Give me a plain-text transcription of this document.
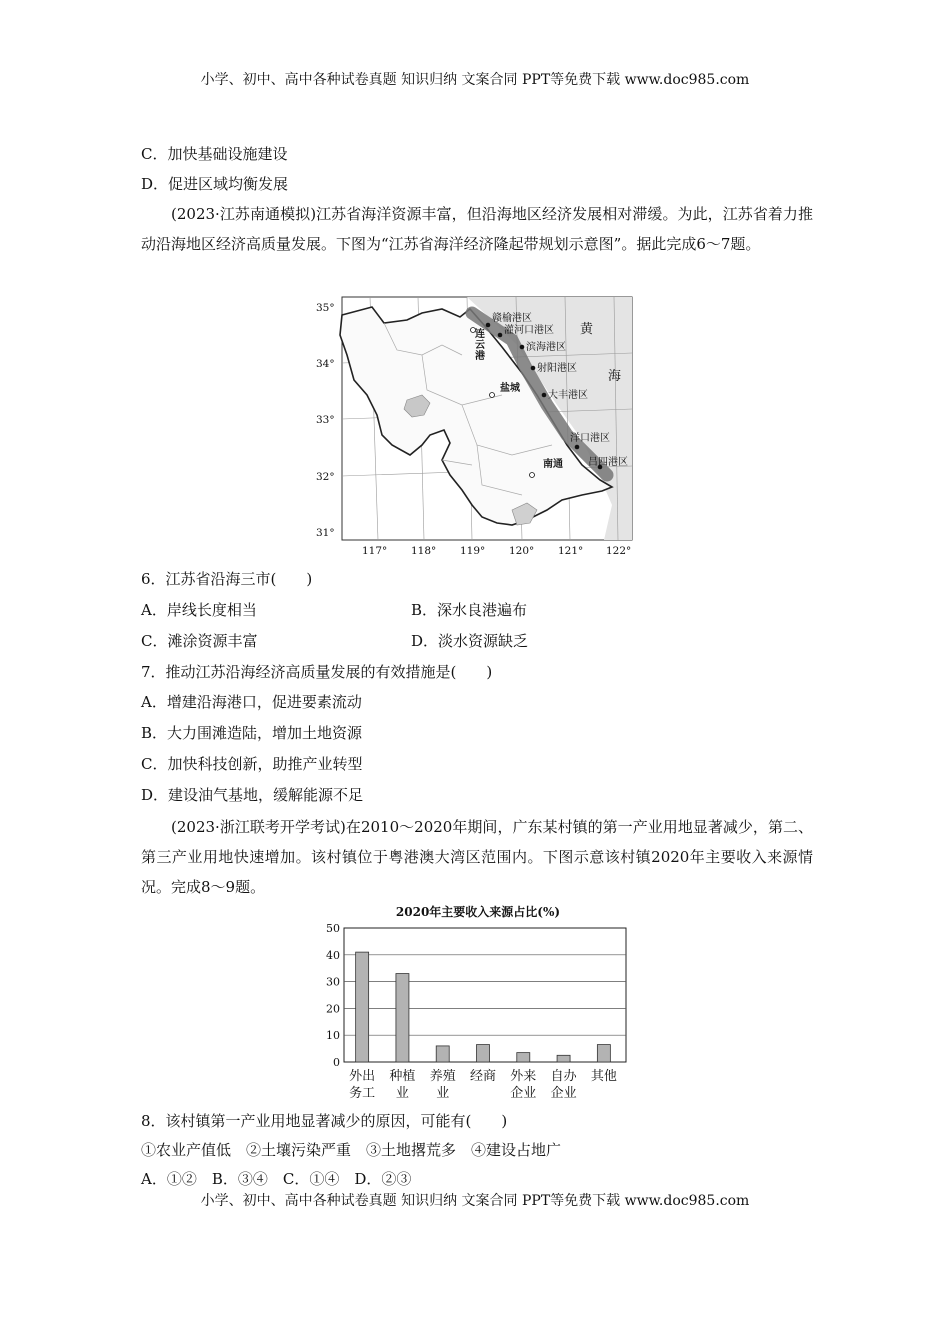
小学、初中、高中各种试卷真题 知识归纳 文案合同 PPT等免费下载 www.doc985.com
C．加快基础设施建设
D．促进区域均衡发展
(2023·江苏南通模拟)江苏省海洋资源丰富，但沿海地区经济发展相对滞缓。为此，江苏省着力推动沿海地区经济高质量发展。下图为“江苏省海洋经济隆起带规划示意图”。据此完成6～7题。
赣榆港区
灌河口港区
滨海港区
射阳港区
大丰港区
洋口港区
吕四港区
连
云
港
盐城
南通
黄
海
35°
34°
33°
32°
31°
117° 118° 119° 120° 121° 122°
6．江苏省沿海三市(　　)
A．岸线长度相当	B．深水良港遍布
C．滩涂资源丰富	D．淡水资源缺乏
7．推动江苏沿海经济高质量发展的有效措施是(　　)
A．增建沿海港口，促进要素流动
B．大力围滩造陆，增加土地资源
C．加快科技创新，助推产业转型
D．建设油气基地，缓解能源不足
(2023·浙江联考开学考试)在2010～2020年期间，广东某村镇的第一产业用地显著减少，第二、第三产业用地快速增加。该村镇位于粤港澳大湾区范围内。下图示意该村镇2020年主要收入来源情况。完成8～9题。
2020年主要收入来源占比(%)
0
10
20
30
40
50
外出
务工
种植
业
养殖
业
经商 外来
企业
自办
企业
其他
8．该村镇第一产业用地显著减少的原因，可能有(　　)
①农业产值低　②土壤污染严重　③土地撂荒多　④建设占地广
A．①②　B．③④　C．①④　D．②③
小学、初中、高中各种试卷真题 知识归纳 文案合同 PPT等免费下载 www.doc985.com
